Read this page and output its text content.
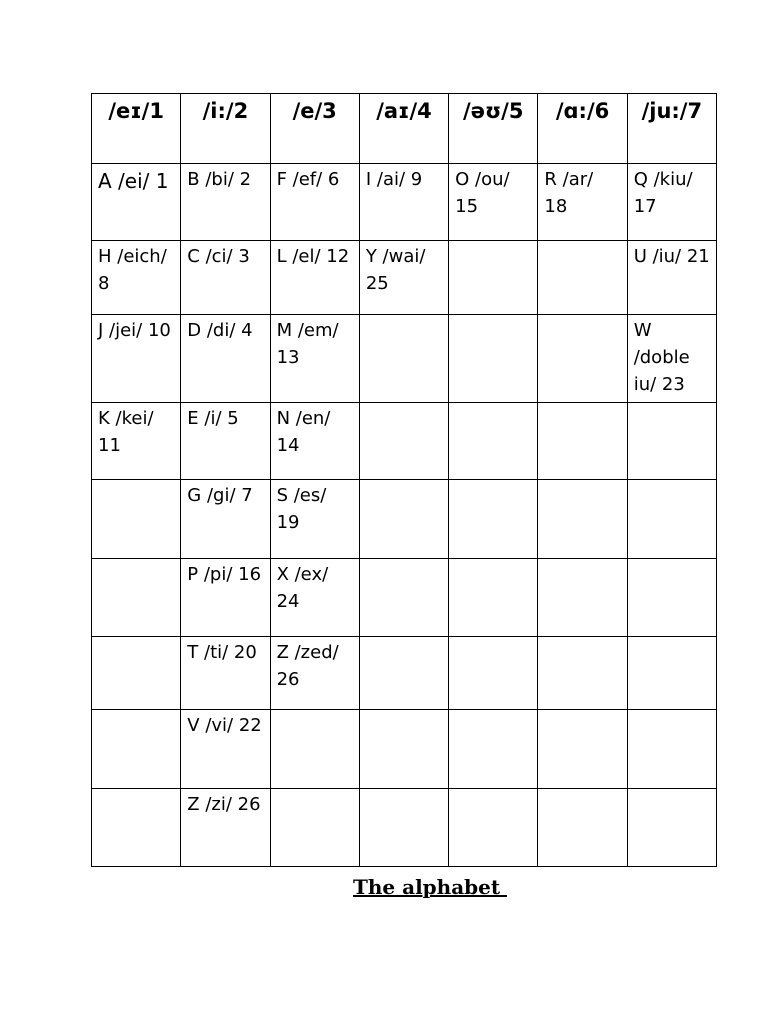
/eɪ/1	/i:/2	/e/3	/aɪ/4	/əʊ/5	/ɑ:/6	/ju:/7
A /ei/ 1	B /bi/ 2	F /ef/ 6	I /ai/ 9	O /ou/ 15	R /ar/ 18	Q /kiu/ 17
H /eich/ 8	C /ci/ 3	L /el/ 12	Y /wai/ 25			U /iu/ 21
J /jei/ 10	D /di/ 4	M /em/ 13				W /doble iu/ 23
K /kei/ 11	E /i/ 5	N /en/ 14				
	G /gi/ 7	S /es/ 19				
	P /pi/ 16	X /ex/ 24				
	T /ti/ 20	Z /zed/ 26				
	V /vi/ 22					
	Z /zi/ 26					
The alphabet
